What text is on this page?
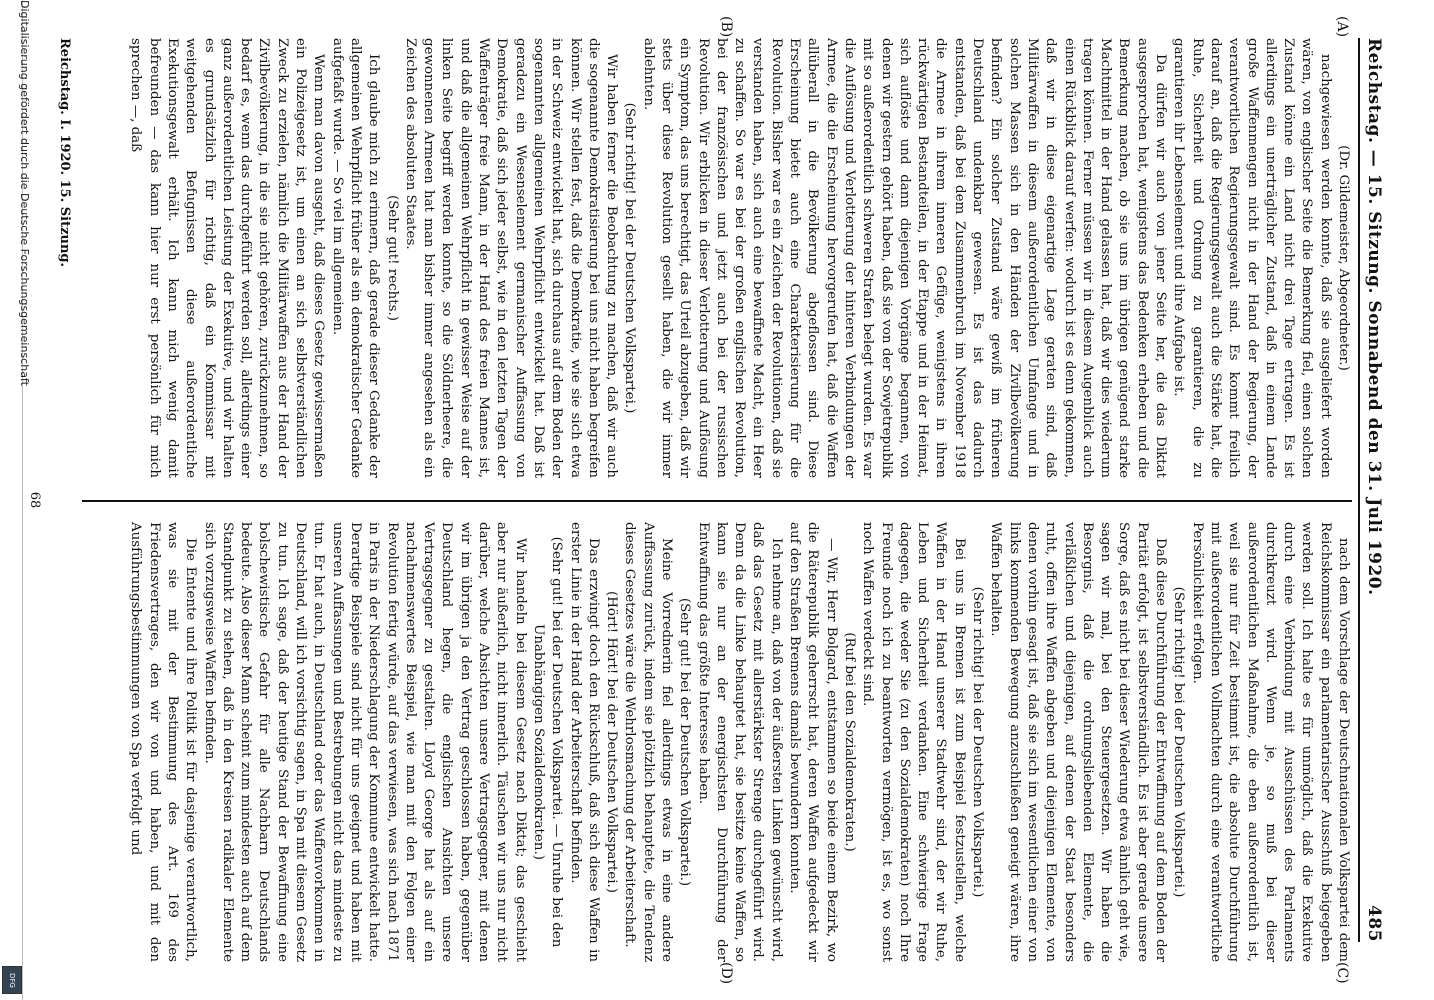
Reichstag. — 15. Sitzung. Sonnabend den 31. Juli 1920.
485
(A)
(B)
(C)
(D)

(Dr. Gildemeister, Abgeordneter.)

nachgewiesen werden konnte, daß sie ausgeliefert worden wären, von englischer Seite die Bemerkung fiel, einen solchen Zustand könne ein Land nicht drei Tage ertragen. Es ist allerdings ein unerträglicher Zustand, daß in einem Lande große Waffenmengen nicht in der Hand der Regierung, der verantwortlichen Regierungsgewalt sind. Es kommt freilich darauf an, daß die Regierungsgewalt auch die Stärke hat, die Ruhe, Sicherheit und Ordnung zu garantieren, die zu garantieren ihr Lebenselement und ihre Aufgabe ist.

Da dürfen wir auch von jener Seite her, die das Diktat ausgesprochen hat, wenigstens das Bedenken erheben und die Bemerkung machen, ob sie uns im übrigen genügend starke Machtmittel in der Hand gelassen hat, daß wir dies wiederum tragen können. Ferner müssen wir in diesem Augenblick auch einen Rückblick darauf werfen: wodurch ist es denn gekommen, daß wir in diese eigenartige Lage geraten sind, daß Militärwaffen in diesem außerordentlichen Umfange und in solchen Massen sich in den Händen der Zivilbevölkerung befinden? Ein solcher Zustand wäre gewiß im früheren Deutschland undenkbar gewesen. Es ist das dadurch entstanden, daß bei dem Zusammenbruch im November 1918 die Armee in ihrem inneren Gefüge, wenigstens in ihren rückwärtigen Bestandteilen, in der Etappe und in der Heimat, sich auflöste und dann diejenigen Vorgänge begannen, von denen wir gestern gehört haben, daß sie von der Sowjetrepublik mit so außerordentlich schweren Strafen belegt wurden. Es war die Auflösung und Verlotterung der hinteren Verbindungen der Armee, die die Erscheinung hervorgerufen hat, daß die Waffen allüberall in die Bevölkerung abgeflossen sind. Diese Erscheinung bietet auch eine Charakterisierung für die Revolution. Bisher war es ein Zeichen der Revolutionen, daß sie verstanden haben, sich auch eine bewaffnete Macht, ein Heer zu schaffen. So war es bei der großen englischen Revolution, bei der französischen und jetzt auch bei der russischen Revolution. Wir erblicken in dieser Verlotterung und Auflösung ein Symptom, das uns berechtigt, das Urteil abzugeben, daß wir stets über diese Revolution gesellt haben, die wir immer ablehnten.

(Sehr richtig! bei der Deutschen Volkspartei.)

Wir haben ferner die Beobachtung zu machen, daß wir auch die sogenannte Demokratisierung bei uns nicht haben begreifen können. Wir stellen fest, daß die Demokratie, wie sie sich etwa in der Schweiz entwickelt hat, sich durchaus auf dem Boden der sogenannten allgemeinen Wehrpflicht entwickelt hat. Daß ist geradezu ein Wesenselement germanischer Auffassung von Demokratie, daß sich jeder selbst, wie in den letzten Tagen der Waffenträger freie Mann, in der Hand des freien Mannes ist, und daß die allgemeinen Wehrpflicht in gewisser Weise auf der linken Seite begriff werden konnte, so die Söldnerheere, die gewonnenen Armeen hat man bisher immer angesehen als ein Zeichen des absoluten Staates.

(Sehr gut! rechts.)

Ich glaube mich zu erinnern, daß gerade dieser Gedanke der allgemeinen Wehrpflicht früher als ein demokratischer Gedanke aufgefaßt wurde. — So viel im allgemeinen.

Wenn man davon ausgeht, daß dieses Gesetz gewissermaßen ein Polizeigesetz ist, um einen an sich selbstverständlichen Zweck zu erzielen, nämlich die Militärwaffen aus der Hand der Zivilbevölkerung, in die sie nicht gehören, zurückzunehmen, so bedarf es, wenn das durchgeführt werden soll, allerdings einer ganz außerordentlichen Leistung der Exekutive, und wir halten es grundsätzlich für richtig, daß ein Kommissar mit weitgehenden Befugnissen diese außerordentliche Exekutionsgewalt erhält. Ich kann mich wenig damit befreunden — das kann hier nur erst persönlich für mich sprechen —, daß

nach dem Vorschlage der Deutschnationalen Volkspartei dem Reichskommissar ein parlamentarischer Ausschuß beigegeben werden soll. Ich halte es für unmöglich, daß die Exekutive durch eine Verbindung mit Ausschüssen des Parlaments durchkreuzt wird. Wenn je, so muß bei dieser außerordentlichen Maßnahme, die eben außerordentlich ist, weil sie nur für Zeit bestimmt ist, die absolute Durchführung mit außerordentlichen Vollmachten durch eine verantwortliche Persönlichkeit erfolgen.

(Sehr richtig! bei der Deutschen Volkspartei.)

Daß diese Durchführung der Entwaffnung auf dem Boden der Parität erfolgt, ist selbstverständlich. Es ist aber gerade unsere Sorge, daß es nicht bei dieser Wiederung etwa ähnlich geht wie, sagen wir mal, bei den Steuergesetzen. Wir haben die Besorgnis, daß die ordnungsliebenden Elemente, die verläßlichen und diejenigen, auf denen der Staat besonders ruht, offen ihre Waffen abgeben und diejenigen Elemente, von denen vorhin gesagt ist, daß sie sich im wesentlichen einer von links kommenden Bewegung anzuschließen geneigt wären, ihre Waffen behalten.

(Sehr richtig! bei der Deutschen Volkspartei.)

Bei uns in Bremen ist zum Beispiel festzustellen, welche Waffen in der Hand unserer Stadtwehr sind, der wir Ruhe, Leben und Sicherheit verdanken. Eine schwierige Frage dagegen, die weder Sie (zu den Sozialdemokraten) noch Ihre Freunde noch ich zu beantworten vermögen, ist es, wo sonst noch Waffen verdeckt sind.

(Ruf bei den Sozialdemokraten.)

— Wir, Herr Bolgard, entstammen so beide einem Bezirk, wo die Räterepublik geherrscht hat, deren Waffen aufgedeckt wir auf den Straßen Bremens damals bewundern konnten.

Ich nehme an, daß von der äußersten Linken gewünscht wird, daß das Gesetz mit allerstärkster Strenge durchgeführt wird. Denn da die Linke behauptet hat, sie besitze keine Waffen, so kann sie nur an der energischsten Durchführung der Entwaffnung das größte Interesse haben.

(Sehr gut! bei der Deutschen Volkspartei.)

Meine Vorrednerin fiel allerdings etwas in eine andere Auffassung zurück, indem sie plötzlich behauptete, die Tendenz dieses Gesetzes wäre die Wehrlosmachung der Arbeiterschaft.

(Hört! Hört! bei der Deutschen Volkspartei.)

Das erzwingt doch den Rückschluß, daß sich diese Waffen in erster Linie in der Hand der Arbeiterschaft befinden.

(Sehr gut! bei der Deutschen Volkspartei. — Unruhe bei den Unabhängigen Sozialdemokraten.)

Wir handeln bei diesem Gesetz nach Diktat; das geschieht aber nur äußerlich, nicht innerlich. Täuschen wir uns nur nicht darüber, welche Absichten unsere Vertragsgegner, mit denen wir im übrigen ja den Vertrag geschlossen haben, gegenüber Deutschland hegen, die englischen Ansichten unsere Vertragsgegner zu gestalten. Lloyd George hat als auf ein nachahmenswertes Beispiel, wie man mit den Folgen einer Revolution fertig würde, auf das verwiesen, was sich nach 1871 in Paris in der Niederschlagung der Kommune entwickelt hatte. Derartige Beispiele sind nicht für uns geeignet und haben mit unseren Auffassungen und Bestrebungen nicht das mindeste zu tun. Er hat auch, in Deutschland oder das Waffenvorkommen in Deutschland, will ich vorsichtig sagen, in Spa mit diesem Gesetz zu tun. Ich sage, daß der heutige Stand der Bewaffnung eine bolschewistische Gefahr für alle Nachbarn Deutschlands bedeute. Also dieser Mann scheint zum mindesten auch auf dem Standpunkt zu stehen, daß in den Kreisen radikaler Elemente sich vorzugsweise Waffen befinden.

Die Entente und ihre Politik ist für dasjenige verantwortlich, was sie mit der Bestimmung des Art. 169 des Friedensvertrages, den wir von und haben, und mit den Ausführungsbestimmungen von Spa verfolgt und

Reichstag. I. 1920. 15. Sitzung.
68
Digitalisierung gefördert durch die Deutsche Forschungsgemeinschaft
DFG
